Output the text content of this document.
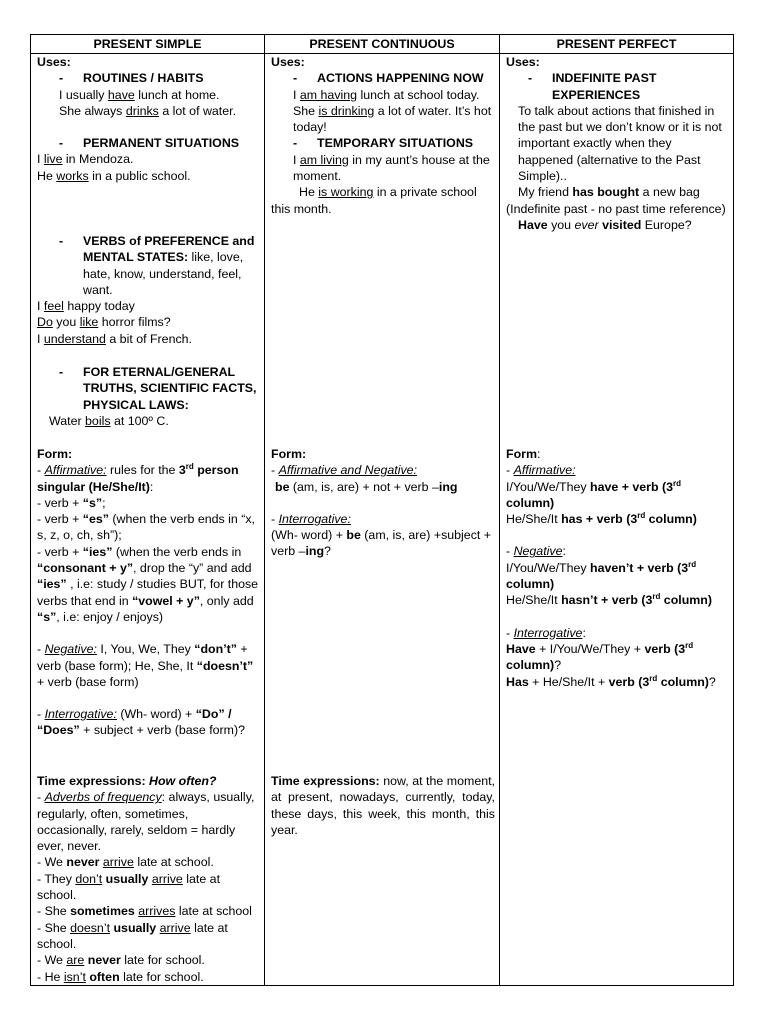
PRESENT SIMPLE	PRESENT CONTINUOUS	PRESENT PERFECT

Uses:

- ROUTINES / HABITS

I usually have lunch at home.

She always drinks a lot of water.

- PERMANENT SITUATIONS

I live in Mendoza.

He works in a public school.

- VERBS of PREFERENCE and MENTAL STATES: like, love, hate, know, understand, feel, want.

I feel happy today

Do you like horror films?

I understand a bit of French.

- FOR ETERNAL/GENERAL TRUTHS, SCIENTIFIC FACTS, PHYSICAL LAWS:

Water boils at 100º C.

Form:

- Affirmative: rules for the 3rd person singular (He/She/It):

- verb + “s”;

- verb + “es” (when the verb ends in “x, s, z, o, ch, sh”);

- verb + “ies” (when the verb ends in “consonant + y”, drop the “y” and add “ies” , i.e: study / studies BUT, for those verbs that end in “vowel + y”, only add “s”, i.e: enjoy / enjoys)

- Negative: I, You, We, They “don’t” + verb (base form); He, She, It “doesn’t” + verb (base form)

- Interrogative: (Wh- word) + “Do” / “Does” + subject + verb (base form)?

Time expressions: How often?

- Adverbs of frequency: always, usually, regularly, often, sometimes, occasionally, rarely, seldom = hardly ever, never.

- We never arrive late at school.

- They don’t usually arrive late at school.

- She sometimes arrives late at school

- She doesn’t usually arrive late at school.

- We are never late for school.

- He isn’t often late for school.

Uses:

- ACTIONS HAPPENING NOW

I am having lunch at school today.

She is drinking a lot of water. It’s hot today!

- TEMPORARY SITUATIONS

I am living in my aunt’s house at the moment.

He is working in a private school this month.

Form:

- Affirmative and Negative:

be (am, is, are) + not + verb –ing

- Interrogative:

(Wh- word) + be (am, is, are) +subject + verb –ing?

Time expressions: now, at the moment, at present, nowadays, currently, today, these days, this week, this month, this year.

Uses:

- INDEFINITE PAST EXPERIENCES

To talk about actions that finished in the past but we don’t know or it is not important exactly when they happened (alternative to the Past Simple)..

My friend has bought a new bag (Indefinite past - no past time reference)

Have you ever visited Europe?

Form:

- Affirmative:

I/You/We/They have + verb (3rd column)

He/She/It has + verb (3rd column)

- Negative:

I/You/We/They haven’t + verb (3rd column)

He/She/It hasn’t + verb (3rd column)

- Interrogative:

Have + I/You/We/They + verb (3rd column)?

Has + He/She/It + verb (3rd column)?
